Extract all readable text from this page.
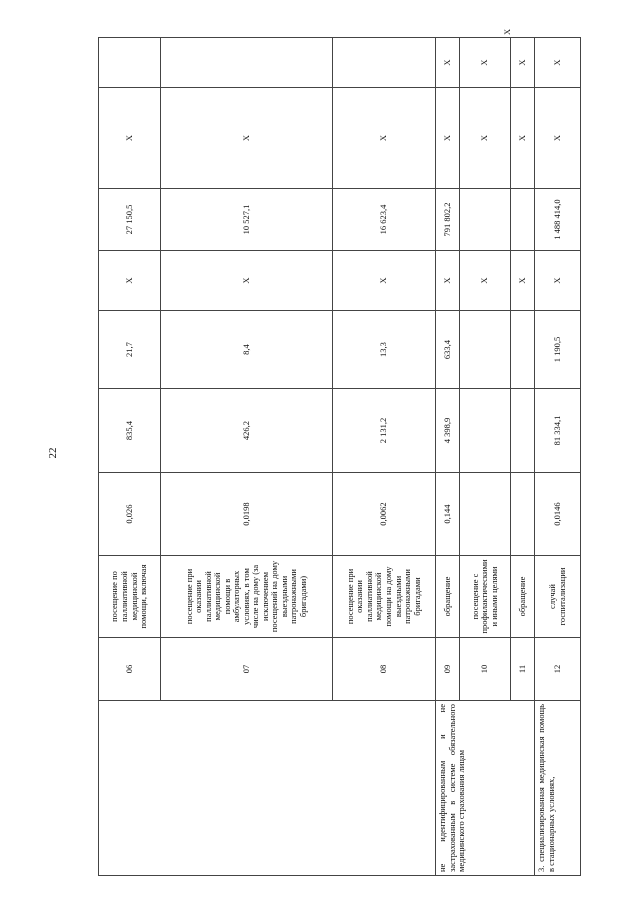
22
	06	посещение по паллиативной медицинской помощи, включая	0,026	835,4	21,7	X	27 150,5	X		
	07	посещение при оказании паллиативной медицинской помощи в амбулаторных условиях, в том числе на дому (за исключением посещений на дому выездными патронажными бригадами)	0,0198	426,2	8,4	X	10 527,1	X		
	08	посещение при оказании паллиативной медицинской помощи на дому выездными патронажными бригадами	0,0062	2 131,2	13,3	X	16 623,4	X		
не идентифицированным и не застрахованным в системе обязательного медицинского страхования лицам	09	обращение	0,144	4 398,9	633,4	X	791 802,2	X	X	X
	10	посещение с профилактическими и иными целями				X		X	X	
	11	обращение				X		X	X	
3. специализированная медицинская помощь в стационарных условиях,	12	случай госпитализации	0,0146	81 334,1	1 190,5	X	1 488 414,0	X	X	
